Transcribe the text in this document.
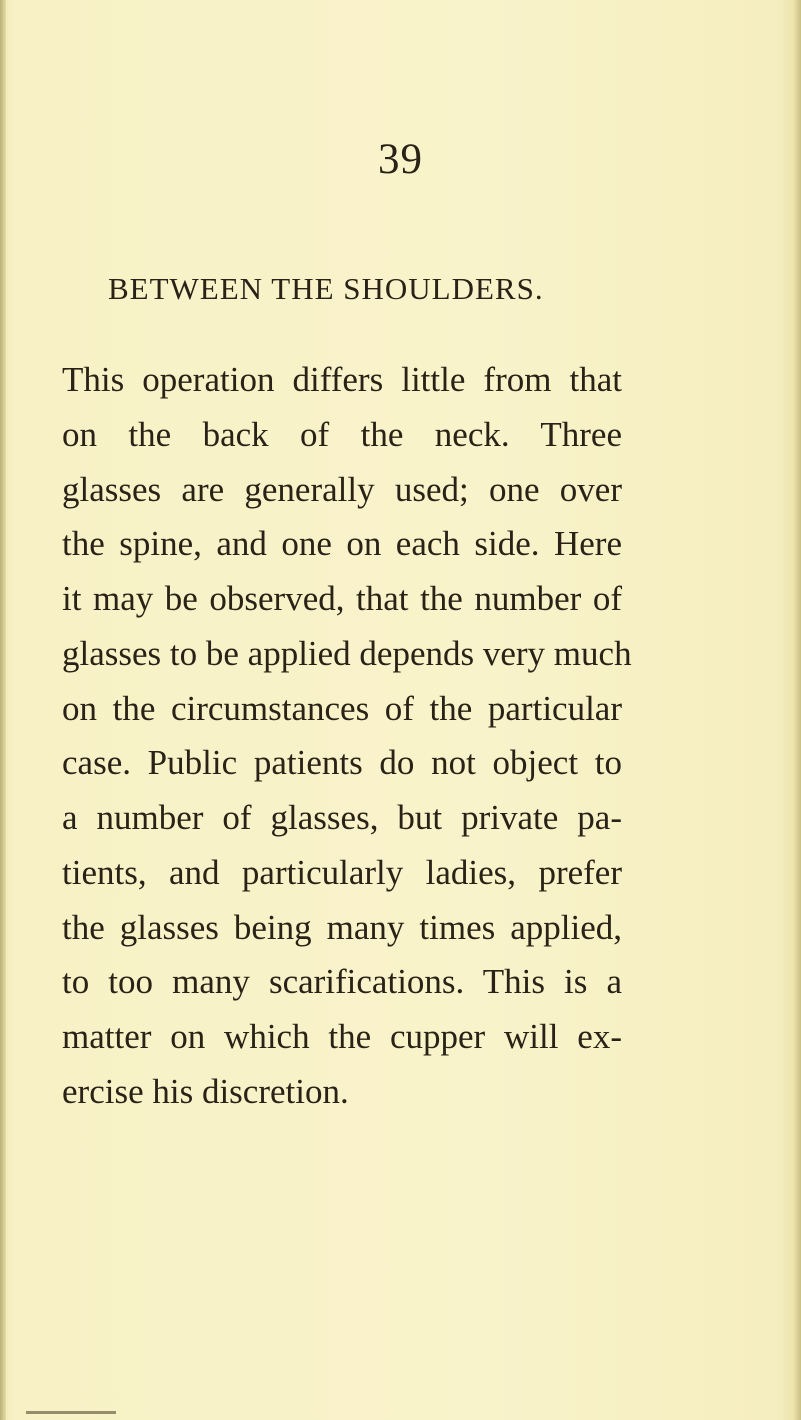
39
BETWEEN THE SHOULDERS.
This operation differs little from that
on the back of the neck. Three
glasses are generally used; one over
the spine, and one on each side. Here
it may be observed, that the number of
glasses to be applied depends very much
on the circumstances of the particular
case. Public patients do not object to
a number of glasses, but private pa-
tients, and particularly ladies, prefer
the glasses being many times applied,
to too many scarifications. This is a
matter on which the cupper will ex-
ercise his discretion.
